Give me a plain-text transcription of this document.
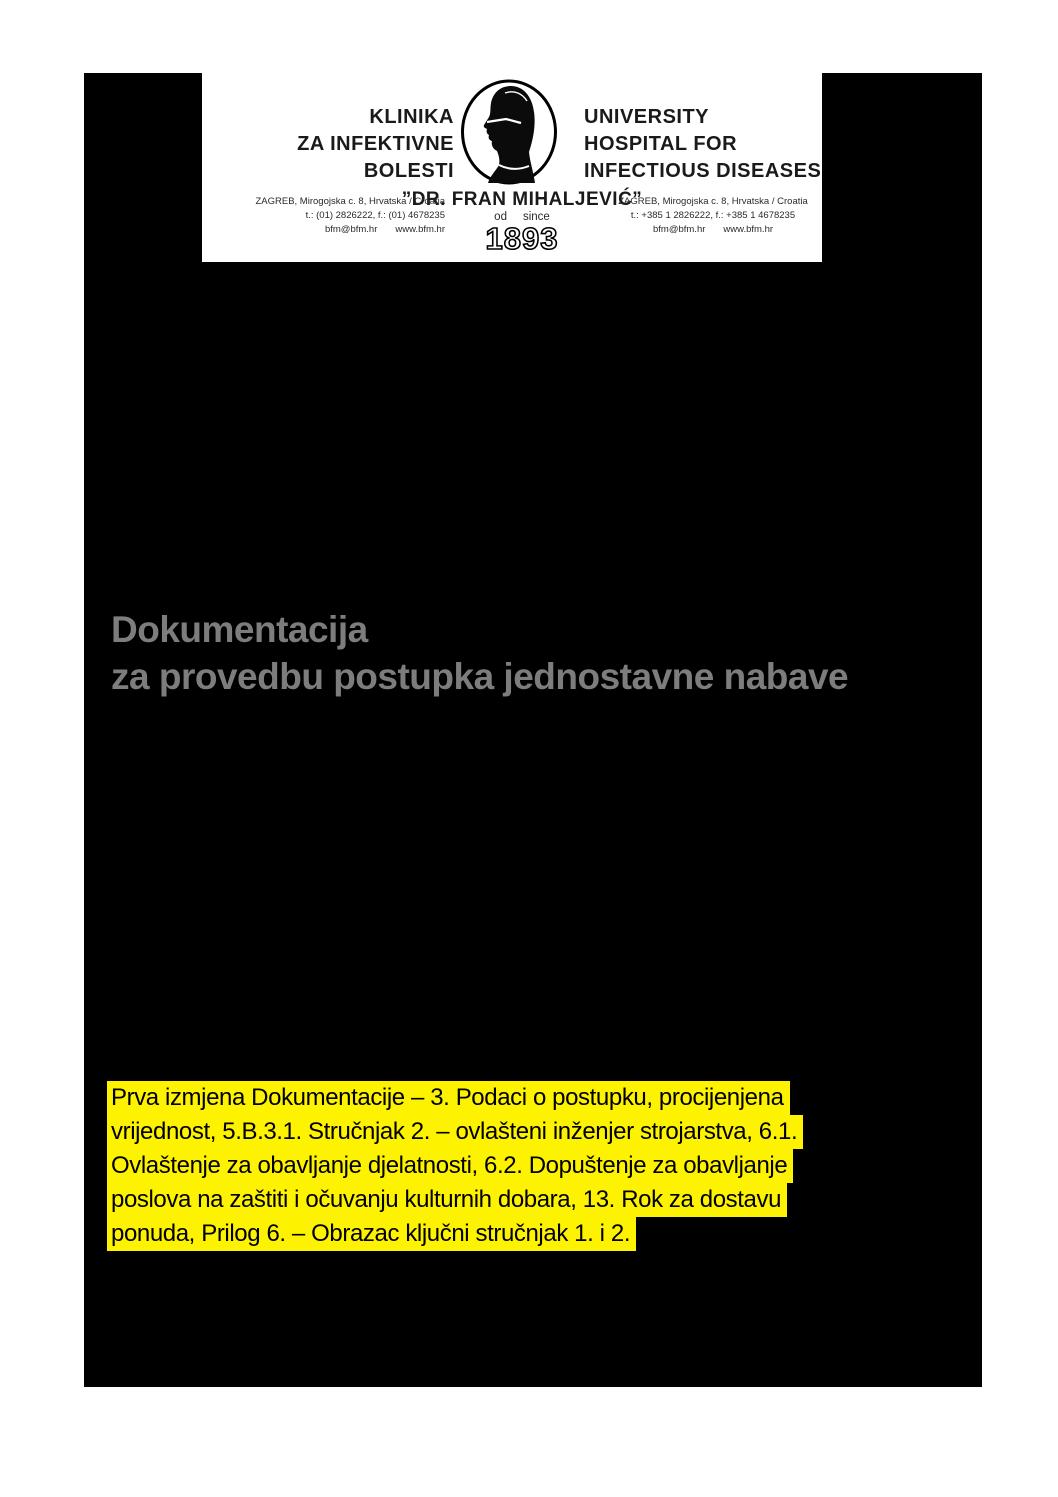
KLINIKA
ZA INFEKTIVNE
BOLESTI
UNIVERSITY
HOSPITAL FOR
INFECTIOUS DISEASES
”DR. FRAN MIHALJEVIĆ”
ZAGREB, Mirogojska c. 8, Hrvatska / Croatia
t.: (01) 2826222, f.: (01) 4678235
bfm@bfm.hr www.bfm.hr
ZAGREB, Mirogojska c. 8, Hrvatska / Croatia
t.: +385 1 2826222, f.: +385 1 4678235
bfm@bfm.hr www.bfm.hr
od since
1893
Dokumentacija
za provedbu postupka jednostavne nabave
Prva izmjena Dokumentacije – 3. Podaci o postupku, procijenjena
vrijednost, 5.B.3.1. Stručnjak 2. – ovlašteni inženjer strojarstva, 6.1.
Ovlaštenje za obavljanje djelatnosti, 6.2. Dopuštenje za obavljanje
poslova na zaštiti i očuvanju kulturnih dobara, 13. Rok za dostavu
ponuda, Prilog 6. – Obrazac ključni stručnjak 1. i 2.
